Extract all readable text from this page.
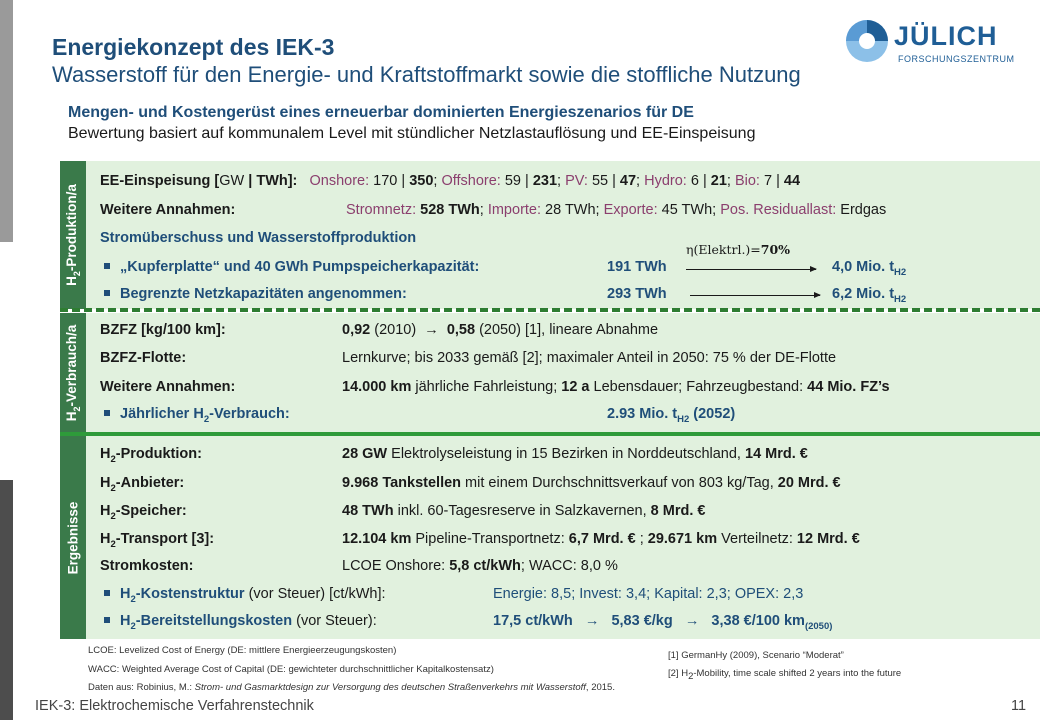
Energiekonzept des IEK-3
Wasserstoff für den Energie- und Kraftstoffmarkt sowie die stoffliche Nutzung
JÜLICH
FORSCHUNGSZENTRUM
Mengen- und Kostengerüst eines erneuerbar dominierten Energieszenarios für DE
Bewertung basiert auf kommunalem Level mit stündlicher Netzlastauflösung und EE-Einspeisung
$H_2-Produktion/a$
$H_2-Verbrauch/a$
Ergebnisse
EE-Einspeisung [GW | TWh]: Onshore: 170 | 350; Offshore: 59 | 231; PV: 55 | 47; Hydro: 6 | 21; Bio: 7 | 44
Weitere Annahmen:	Stromnetz: 528 TWh; Importe: 28 TWh; Exporte: 45 TWh; Pos. Residuallast: Erdgas
Stromüberschuss und Wasserstoffproduktion
η(Elektrl.)=70%
„Kupferplatte“ und 40 GWh Pumpspeicherkapazität:	191 TWh	4,0 Mio. $t_{H2}$
Begrenzte Netzkapazitäten angenommen:	293 TWh	6,2 Mio. $t_{H2}$
BZFZ [kg/100 km]:	0,92 (2010) → 0,58 (2050) [1], lineare Abnahme
BZFZ-Flotte:	Lernkurve; bis 2033 gemäß [2]; maximaler Anteil in 2050: 75 % der DE-Flotte
Weitere Annahmen:	14.000 km jährliche Fahrleistung; 12 a Lebensdauer; Fahrzeugbestand: 44 Mio. FZ’s
Jährlicher $H_2$-Verbrauch:	2.93 Mio. $t_{H2}$ (2052)
$H_2$-Produktion:	28 GW Elektrolyseleistung in 15 Bezirken in Norddeutschland, 14 Mrd. €
$H_2$-Anbieter:	9.968 Tankstellen mit einem Durchschnittsverkauf von 803 kg/Tag, 20 Mrd. €
$H_2$-Speicher:	48 TWh inkl. 60-Tagesreserve in Salzkavernen, 8 Mrd. €
$H_2$-Transport [3]:	12.104 km Pipeline-Transportnetz: 6,7 Mrd. € ; 29.671 km Verteilnetz: 12 Mrd. €
Stromkosten:	LCOE Onshore: 5,8 ct/kWh; WACC: 8,0 %
$H_2$-Kostenstruktur (vor Steuer) [ct/kWh]:	Energie: 8,5; Invest: 3,4; Kapital: 2,3; OPEX: 2,3
$H_2$-Bereitstellungskosten (vor Steuer):	17,5 ct/kWh → 5,83 €/kg → 3,38 €/100 $km_{(2050)}$
LCOE: Levelized Cost of Energy (DE: mittlere Energieerzeugungskosten)
WACC: Weighted Average Cost of Capital (DE: gewichteter durchschnittlicher Kapitalkostensatz)
Daten aus: Robinius, M.: Strom- und Gasmarktdesign zur Versorgung des deutschen Straßenverkehrs mit Wasserstoff, 2015.
[1] GermanHy (2009), Scenario “Moderat”
[2] $H_2$-Mobility, time scale shifted 2 years into the future
IEK-3: Elektrochemische Verfahrenstechnik	11
